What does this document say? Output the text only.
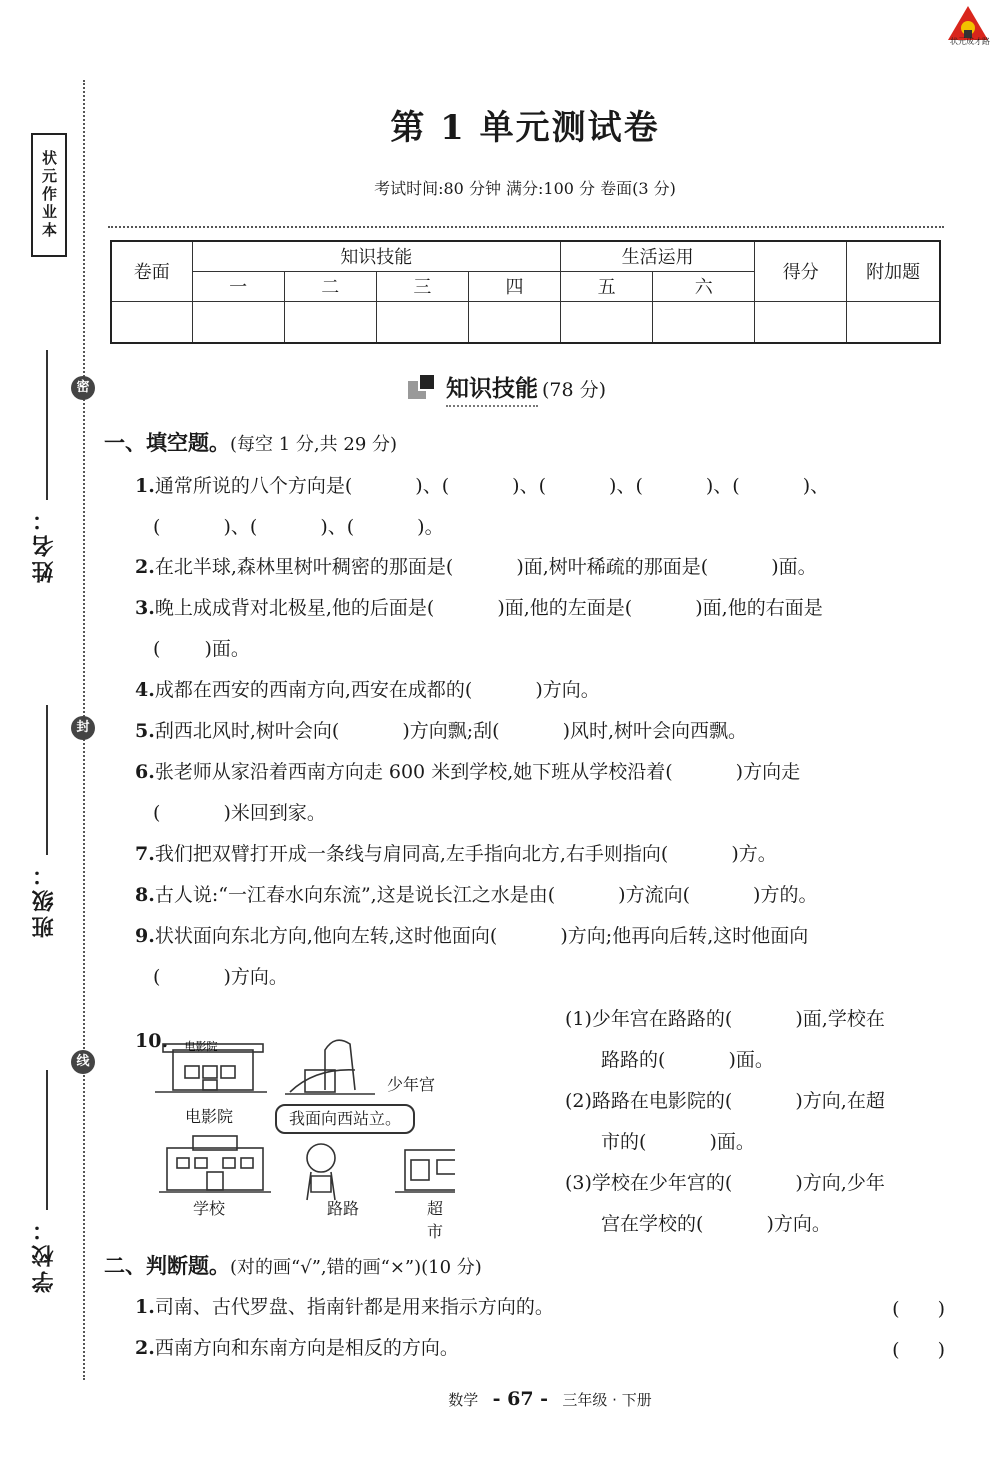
状元作业本
密
封
线
姓名：
班级：
学校：
状元成才路
第 1 单元测试卷
考试时间:80 分钟 满分:100 分 卷面(3 分)
卷面	知识技能				生活运用		得分	附加题
	一	二	三	四	五	六		

知识技能 (78 分)
一、填空题。(每空 1 分,共 29 分)
1.通常所说的八个方向是(　　　 )、(　　　 )、(　　　 )、(　　　 )、(　　　 )、
(　　　 )、(　　　 )、(　　　 )。
2.在北半球,森林里树叶稠密的那面是(　　　 )面,树叶稀疏的那面是(　　　 )面。
3.晚上成成背对北极星,他的后面是(　　　 )面,他的左面是(　　　 )面,他的右面是
(　　 )面。
4.成都在西安的西南方向,西安在成都的(　　　 )方向。
5.刮西北风时,树叶会向(　　　 )方向飘;刮(　　　 )风时,树叶会向西飘。
6.张老师从家沿着西南方向走 600 米到学校,她下班从学校沿着(　　　 )方向走
(　　　 )米回到家。
7.我们把双臂打开成一条线与肩同高,左手指向北方,右手则指向(　　　 )方。
8.古人说:“一江春水向东流”,这是说长江之水是由(　　　 )方流向(　　　 )方的。
9.状状面向东北方向,他向左转,这时他面向(　　　 )方向;他再向后转,这时他面向
(　　　 )方向。
10. 电影院
电影院
少年宫
我面向西站立。
学校	路路	超市
(1)少年宫在路路的(　　　 )面,学校在
路路的(　　　 )面。
(2)路路在电影院的(　　　 )方向,在超
市的(　　　 )面。
(3)学校在少年宫的(　　　 )方向,少年
宫在学校的(　　　 )方向。
二、判断题。(对的画“√”,错的画“×”)(10 分)
1.司南、古代罗盘、指南针都是用来指示方向的。	(　　)
2.西南方向和东南方向是相反的方向。	(　　)
数学 - 67 - 三年级 · 下册
